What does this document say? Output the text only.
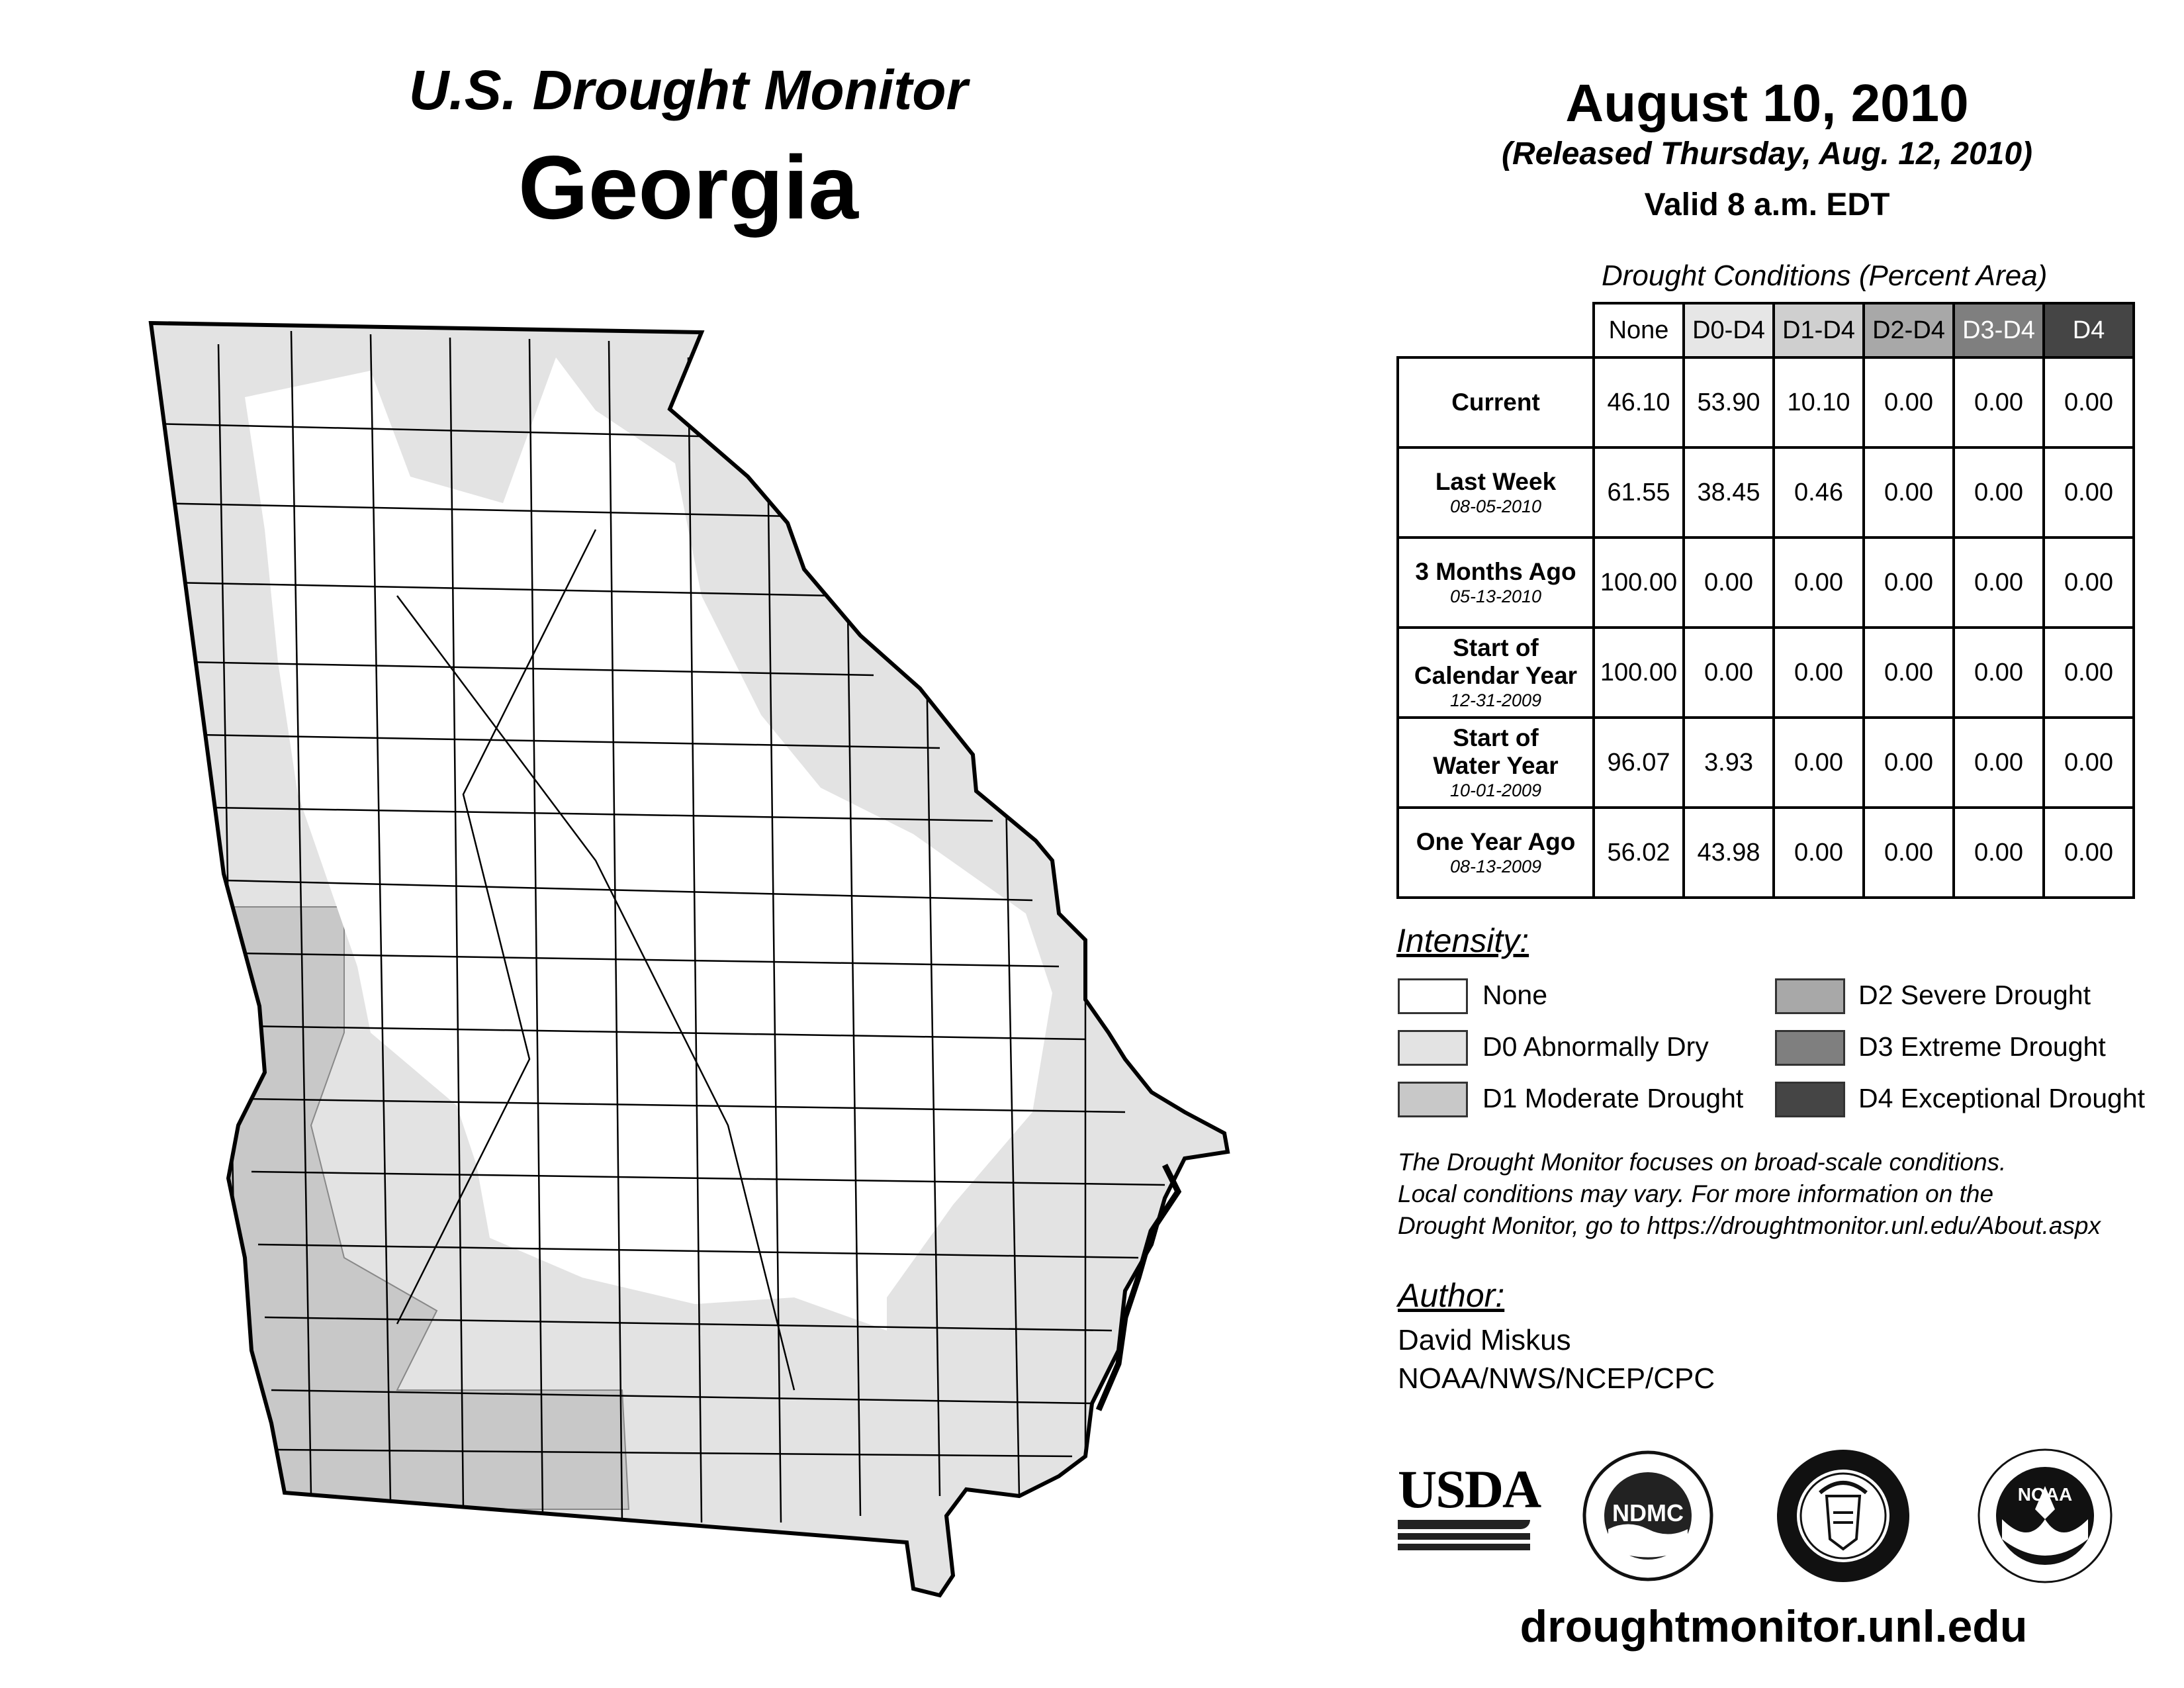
U.S. Drought Monitor
Georgia
August 10, 2010
(Released Thursday, Aug. 12, 2010)
Valid 8 a.m. EDT
Drought Conditions (Percent Area)
	None	D0-D4	D1-D4	D2-D4	D3-D4	D4
Current	46.10	53.90	10.10	0.00	0.00	0.00
Last Week
08-05-2010	61.55	38.45	0.46	0.00	0.00	0.00
3 Months Ago
05-13-2010	100.00	0.00	0.00	0.00	0.00	0.00
Start of
Calendar Year
12-31-2009	100.00	0.00	0.00	0.00	0.00	0.00
Start of
Water Year
10-01-2009	96.07	3.93	0.00	0.00	0.00	0.00
One Year Ago
08-13-2009	56.02	43.98	0.00	0.00	0.00	0.00
Intensity:
None
D0 Abnormally Dry
D1 Moderate Drought
D2 Severe Drought
D3 Extreme Drought
D4 Exceptional Drought
The Drought Monitor focuses on broad-scale conditions.
Local conditions may vary. For more information on the
Drought Monitor, go to https://droughtmonitor.unl.edu/About.aspx
Author:
David Miskus
NOAA/NWS/NCEP/CPC
USDA	NDMC
NOAA
droughtmonitor.unl.edu
